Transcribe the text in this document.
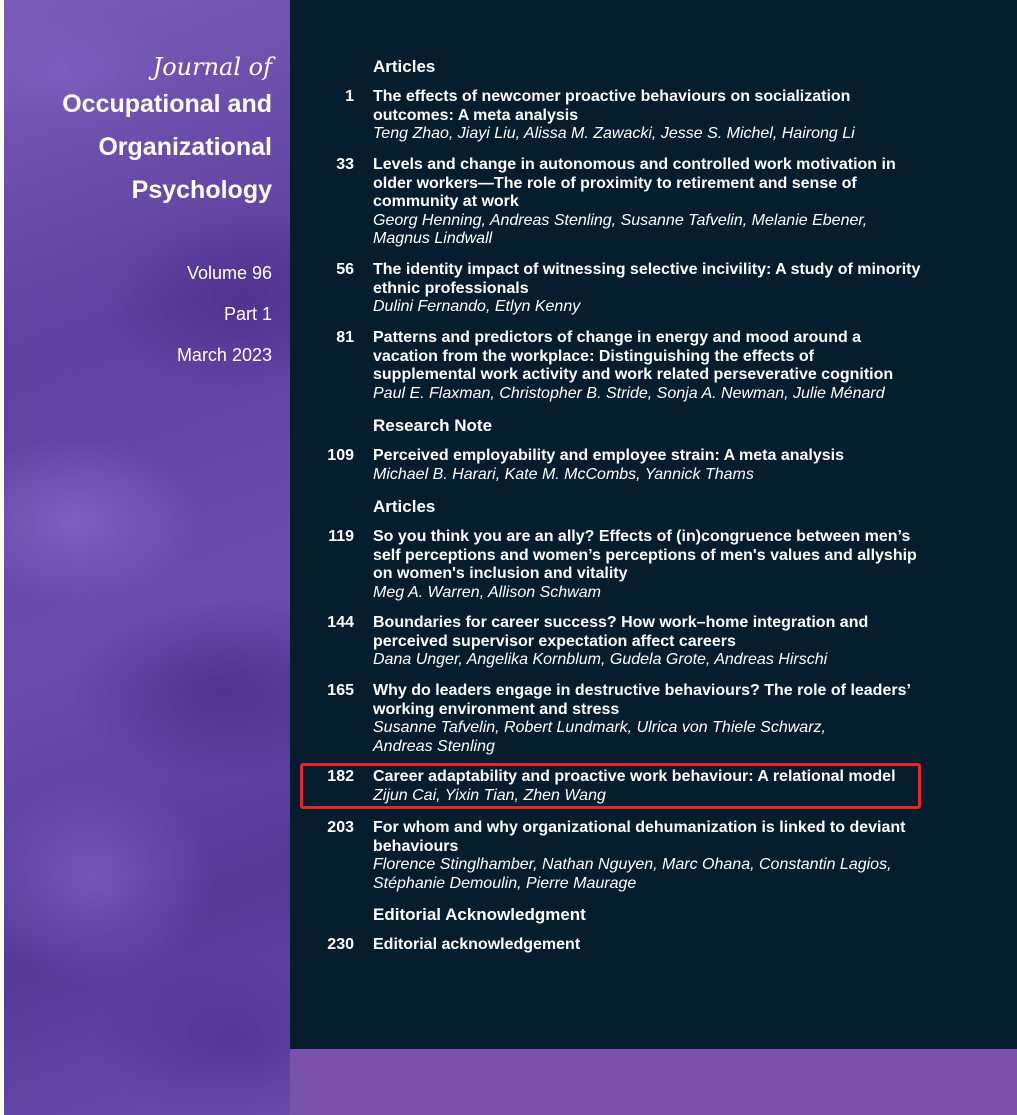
Journal of
Occupational and
Organizational
Psychology
Volume 96
Part 1
March 2023
Articles
1 The effects of newcomer proactive behaviours on socialization
outcomes: A meta analysis
Teng Zhao, Jiayi Liu, Alissa M. Zawacki, Jesse S. Michel, Hairong Li
33 Levels and change in autonomous and controlled work motivation in
older workers—The role of proximity to retirement and sense of
community at work
Georg Henning, Andreas Stenling, Susanne Tafvelin, Melanie Ebener,
Magnus Lindwall
56 The identity impact of witnessing selective incivility: A study of minority
ethnic professionals
Dulini Fernando, Etlyn Kenny
81 Patterns and predictors of change in energy and mood around a
vacation from the workplace: Distinguishing the effects of
supplemental work activity and work related perseverative cognition
Paul E. Flaxman, Christopher B. Stride, Sonja A. Newman, Julie Ménard
Research Note
109 Perceived employability and employee strain: A meta analysis
Michael B. Harari, Kate M. McCombs, Yannick Thams
Articles
119 So you think you are an ally? Effects of (in)congruence between men’s
self perceptions and women’s perceptions of men's values and allyship
on women's inclusion and vitality
Meg A. Warren, Allison Schwam
144 Boundaries for career success? How work–home integration and
perceived supervisor expectation affect careers
Dana Unger, Angelika Kornblum, Gudela Grote, Andreas Hirschi
165 Why do leaders engage in destructive behaviours? The role of leaders’
working environment and stress
Susanne Tafvelin, Robert Lundmark, Ulrica von Thiele Schwarz,
Andreas Stenling
182 Career adaptability and proactive work behaviour: A relational model
Zijun Cai, Yixin Tian, Zhen Wang
203 For whom and why organizational dehumanization is linked to deviant
behaviours
Florence Stinglhamber, Nathan Nguyen, Marc Ohana, Constantin Lagios,
Stéphanie Demoulin, Pierre Maurage
Editorial Acknowledgment
230 Editorial acknowledgement
